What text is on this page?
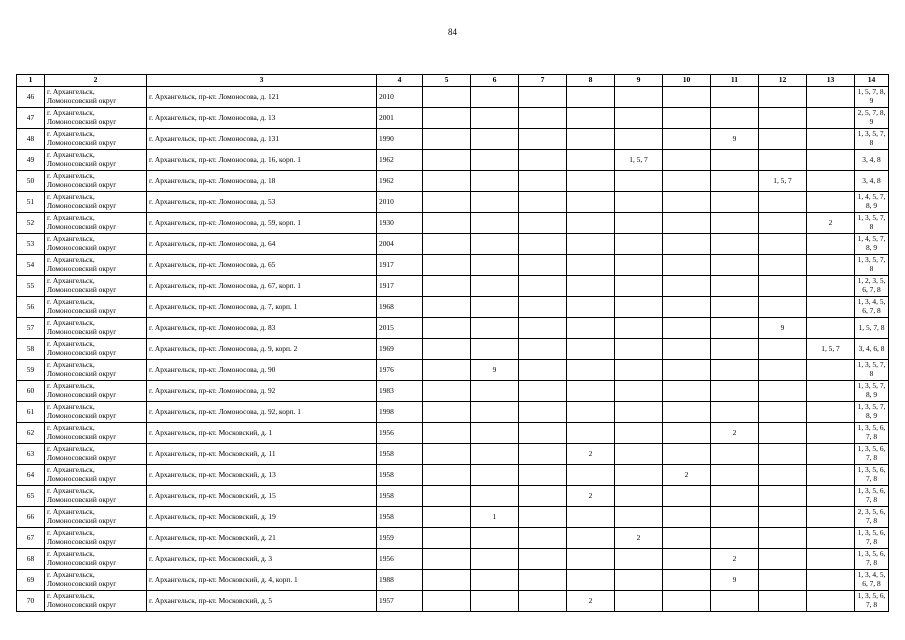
84
1	2	3	4	5	6	7	8	9	10	11	12	13	14
46	г. Архангельск,
Ломоносовский округ	г. Архангельск, пр-кт. Ломоносова, д. 121	2010										1, 5, 7, 8, 9
47	г. Архангельск,
Ломоносовский округ	г. Архангельск, пр-кт. Ломоносова, д. 13	2001										2, 5, 7, 8, 9
48	г. Архангельск,
Ломоносовский округ	г. Архангельск, пр-кт. Ломоносова, д. 131	1990							9			1, 3, 5, 7, 8
49	г. Архангельск,
Ломоносовский округ	г. Архангельск, пр-кт. Ломоносова, д. 16, корп. 1	1962					1, 5, 7					3, 4, 8
50	г. Архангельск,
Ломоносовский округ	г. Архангельск, пр-кт. Ломоносова, д. 18	1962								1, 5, 7		3, 4, 8
51	г. Архангельск,
Ломоносовский округ	г. Архангельск, пр-кт. Ломоносова, д. 53	2010										1, 4, 5, 7, 8, 9
52	г. Архангельск,
Ломоносовский округ	г. Архангельск, пр-кт. Ломоносова, д. 59, корп. 1	1930									2	1, 3, 5, 7, 8
53	г. Архангельск,
Ломоносовский округ	г. Архангельск, пр-кт. Ломоносова, д. 64	2004										1, 4, 5, 7, 8, 9
54	г. Архангельск,
Ломоносовский округ	г. Архангельск, пр-кт. Ломоносова, д. 65	1917										1, 3, 5, 7, 8
55	г. Архангельск,
Ломоносовский округ	г. Архангельск, пр-кт. Ломоносова, д. 67, корп. 1	1917										1, 2, 3, 5, 6, 7, 8
56	г. Архангельск,
Ломоносовский округ	г. Архангельск, пр-кт. Ломоносова, д. 7, корп. 1	1968										1, 3, 4, 5, 6, 7, 8
57	г. Архангельск,
Ломоносовский округ	г. Архангельск, пр-кт. Ломоносова, д. 83	2015								9		1, 5, 7, 8
58	г. Архангельск,
Ломоносовский округ	г. Архангельск, пр-кт. Ломоносова, д. 9, корп. 2	1969									1, 5, 7	3, 4, 6, 8
59	г. Архангельск,
Ломоносовский округ	г. Архангельск, пр-кт. Ломоносова, д. 90	1976		9								1, 3, 5, 7, 8
60	г. Архангельск,
Ломоносовский округ	г. Архангельск, пр-кт. Ломоносова, д. 92	1983										1, 3, 5, 7, 8, 9
61	г. Архангельск,
Ломоносовский округ	г. Архангельск, пр-кт. Ломоносова, д. 92, корп. 1	1998										1, 3, 5, 7, 8, 9
62	г. Архангельск,
Ломоносовский округ	г. Архангельск, пр-кт. Московский, д. 1	1956							2			1, 3, 5, 6, 7, 8
63	г. Архангельск,
Ломоносовский округ	г. Архангельск, пр-кт. Московский, д. 11	1958				2						1, 3, 5, 6, 7, 8
64	г. Архангельск,
Ломоносовский округ	г. Архангельск, пр-кт. Московский, д. 13	1958						2				1, 3, 5, 6, 7, 8
65	г. Архангельск,
Ломоносовский округ	г. Архангельск, пр-кт. Московский, д. 15	1958				2						1, 3, 5, 6, 7, 8
66	г. Архангельск,
Ломоносовский округ	г. Архангельск, пр-кт. Московский, д. 19	1958		1								2, 3, 5, 6, 7, 8
67	г. Архангельск,
Ломоносовский округ	г. Архангельск, пр-кт. Московский, д. 21	1959					2					1, 3, 5, 6, 7, 8
68	г. Архангельск,
Ломоносовский округ	г. Архангельск, пр-кт. Московский, д. 3	1956							2			1, 3, 5, 6, 7, 8
69	г. Архангельск,
Ломоносовский округ	г. Архангельск, пр-кт. Московский, д. 4, корп. 1	1988							9			1, 3, 4, 5, 6, 7, 8
70	г. Архангельск,
Ломоносовский округ	г. Архангельск, пр-кт. Московский, д. 5	1957				2						1, 3, 5, 6, 7, 8
